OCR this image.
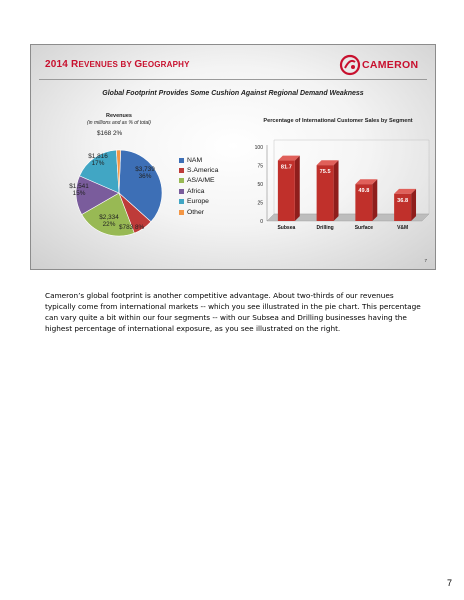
2014 REVENUES BY GEOGRAPHY	CAMERON
Global Footprint Provides Some Cushion Against Regional Demand Weakness
Revenues
(in millions and as % of total)
$3,739
36%
$783 8%
$2,334
22%
$1,541
15%
$1,816
17%
$168 2%
NAM
S.America
AS/A/ME
Africa
Europe
Other
Percentage of International Customer Sales by Segment
0
25
50
75
100
81.7
Subsea
75.5
Drilling
49.8
Surface
36.8
V&M
7

Cameron’s global footprint is another competitive advantage. About two-thirds of our revenues typically come from international markets -- which you see illustrated in the pie chart. This percentage can vary quite a bit within our four segments -- with our Subsea and Drilling businesses having the highest percentage of international exposure, as you see illustrated on the right.

7
